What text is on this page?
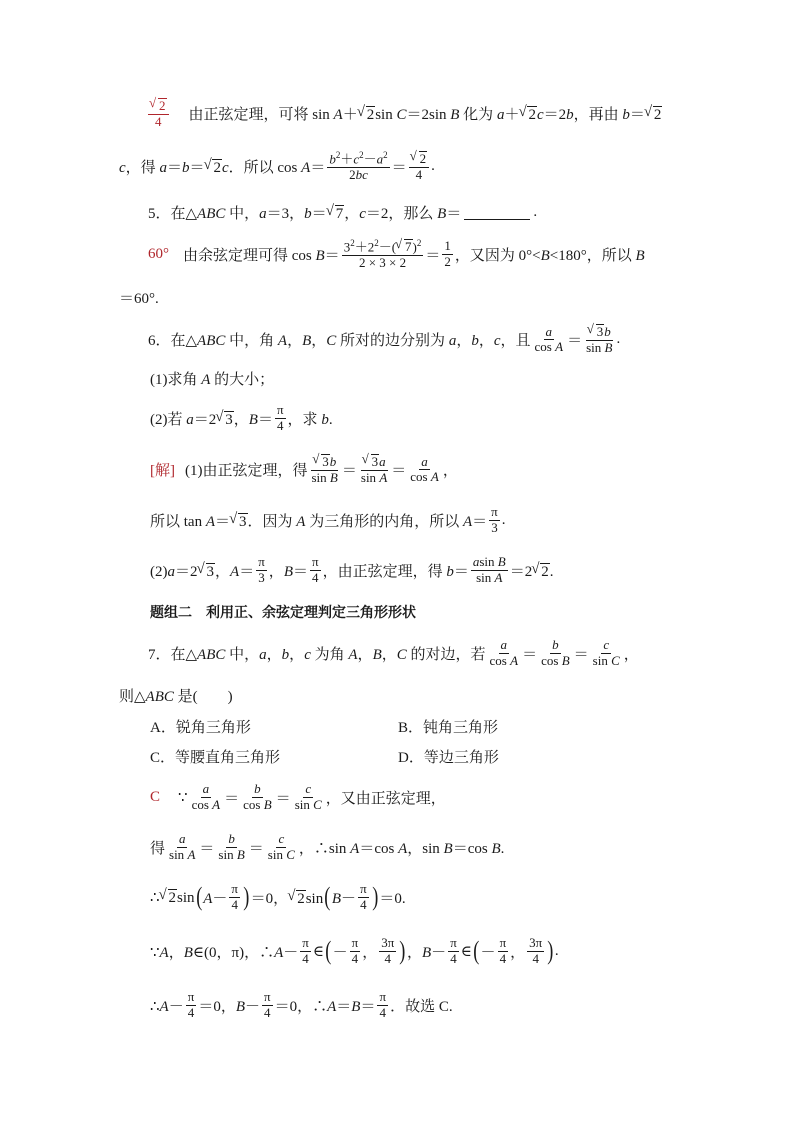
√ $\frac{2}{4}$ 由正弦定理，可将 sin A＋√ 2sin C＝2sin B 化为 a＋√ 2c＝2b，再由 b＝√ 2
c，得 a＝b＝√ 2c．所以 $\cos A= \frac{b^2+c^2-a^2}{2bc}$ ＝
√ $\frac{2}{4}$ .
5．在△ABC 中，a＝3，b＝√ 7，c＝2，那么 B＝	.
60° 由余弦定理可得 $\cos B= \frac{3^2+2^2-(√ 7)^2}{2 \times 3 \times 2} = \frac{1}{2}$ ，又因为 0°<B<180°，所以 B
＝60°.
6．在△ABC 中，角 A，B，C 所对的边分别为 a，b，c，且 $\frac{a}{\text{cos A}}$ ＝
√ $\frac{3b}{\text{sin B}}$ .
(1)求角 A 的大小；
(2)若 a＝2√ 3，$B= \frac{\pi}{4}$ ，求 b.
[解] (1)由正弦定理，得
√ $\frac{3b}{\text{sin B}}$ ＝
√ $\frac{3a}{\text{sin A}} = \frac{a}{\text{cos A}}$ ，
所以 tan A＝√ 3．因为 A 为三角形的内角，所以 $A= \frac{\pi}{3}$ .
(2)a＝2√ 3，$A= \frac{\pi}{3}$ ，$B= \frac{\pi}{4}$ ，由正弦定理，得 $b= \frac{\text{asin B}}{\text{sin A}} =2√$ 2.
题组二　利用正、余弦定理判定三角形形状
7．在△ABC 中，a，b，c 为角 A，B，C 的对边，若 $\frac{a}{\text{cos A}} = \frac{b}{\text{cos B}} = \frac{c}{\text{sin C}}$ ，
则△ABC 是(　　)
A．锐角三角形	B．钝角三角形
C．等腰直角三角形	D．等边三角形
C ∵ $\frac{a}{\text{cos A}} = \frac{b}{\text{cos B}} = \frac{c}{\text{sin C}}$ ，又由正弦定理，
得 $\frac{a}{\text{sin A}} = \frac{b}{\text{sin B}} = \frac{c}{\text{sin C}}$ ，∴sin A＝cos A，sin B＝cos B.
∴√ 2sin ( $A- \frac{\pi}{4}$ ) ＝0，√ 2sin ( $B- \frac{\pi}{4}$ ) ＝0.
∵A，B∈(0，π)，∴A－ $\frac{\pi}{4}$ ∈ ( － $\frac{\pi}{4}$ ， $\frac{3\pi}{4}$ ) ，$B- \frac{\pi}{4}$ ∈ ( － $\frac{\pi}{4}$ ， $\frac{3\pi}{4}$ ) .
∴A－ $\frac{\pi}{4} =0$，$B- \frac{\pi}{4} =0$，∴A＝B＝ $\frac{\pi}{4}$ ．故选 C.
